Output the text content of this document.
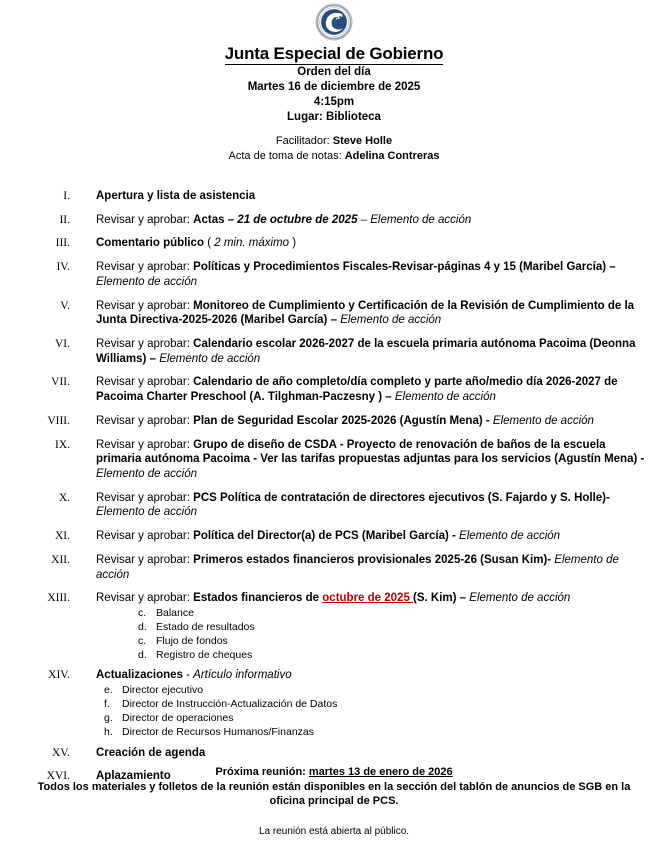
Junta Especial de Gobierno
Orden del día
Martes 16 de diciembre de 2025
4:15pm
Lugar: Biblioteca
Facilitador: Steve Holle
Acta de toma de notas: Adelina Contreras
I.	Apertura y lista de asistencia
II.	Revisar y aprobar: Actas – 21 de octubre de 2025 – Elemento de acción
III.	Comentario público ( 2 min. máximo )
IV.	Revisar y aprobar: Políticas y Procedimientos Fiscales-Revisar-páginas 4 y 15 (Maribel García) – Elemento de acción
V.	Revisar y aprobar: Monitoreo de Cumplimiento y Certificación de la Revisión de Cumplimiento de la Junta Directiva-2025-2026 (Maribel García) – Elemento de acción
VI.	Revisar y aprobar: Calendario escolar 2026-2027 de la escuela primaria autónoma Pacoima (Deonna Williams) – Elemento de acción
VII.	Revisar y aprobar: Calendario de año completo/día completo y parte año/medio día 2026-2027 de Pacoima Charter Preschool (A. Tilghman-Paczesny ) – Elemento de acción
VIII.	Revisar y aprobar: Plan de Seguridad Escolar 2025-2026 (Agustín Mena) - Elemento de acción
IX.	Revisar y aprobar: Grupo de diseño de CSDA - Proyecto de renovación de baños de la escuela primaria autónoma Pacoima - Ver las tarifas propuestas adjuntas para los servicios (Agustín Mena) - Elemento de acción
X.	Revisar y aprobar: PCS Política de contratación de directores ejecutivos (S. Fajardo y S. Holle)- Elemento de acción
XI.	Revisar y aprobar: Política del Director(a) de PCS (Maribel García) - Elemento de acción
XII.	Revisar y aprobar: Primeros estados financieros provisionales 2025-26 (Susan Kim)- Elemento de acción
XIII.	Revisar y aprobar: Estados financieros de octubre de 2025 (S. Kim) – Elemento de acción
c. Balance
d. Estado de resultados
c. Flujo de fondos
d. Registro de cheques
XIV.	Actualizaciones - Artículo informativo
e. Director ejecutivo
f.	Director de Instrucción-Actualización de Datos
g. Director de operaciones
h. Director de Recursos Humanos/Finanzas
XV.	Creación de agenda
XVI.	Aplazamiento	Próxima reunión: martes 13 de enero de 2026
Todos los materiales y folletos de la reunión están disponibles en la sección del tablón de anuncios de SGB en la oficina principal de PCS.
La reunión está abierta al público.
